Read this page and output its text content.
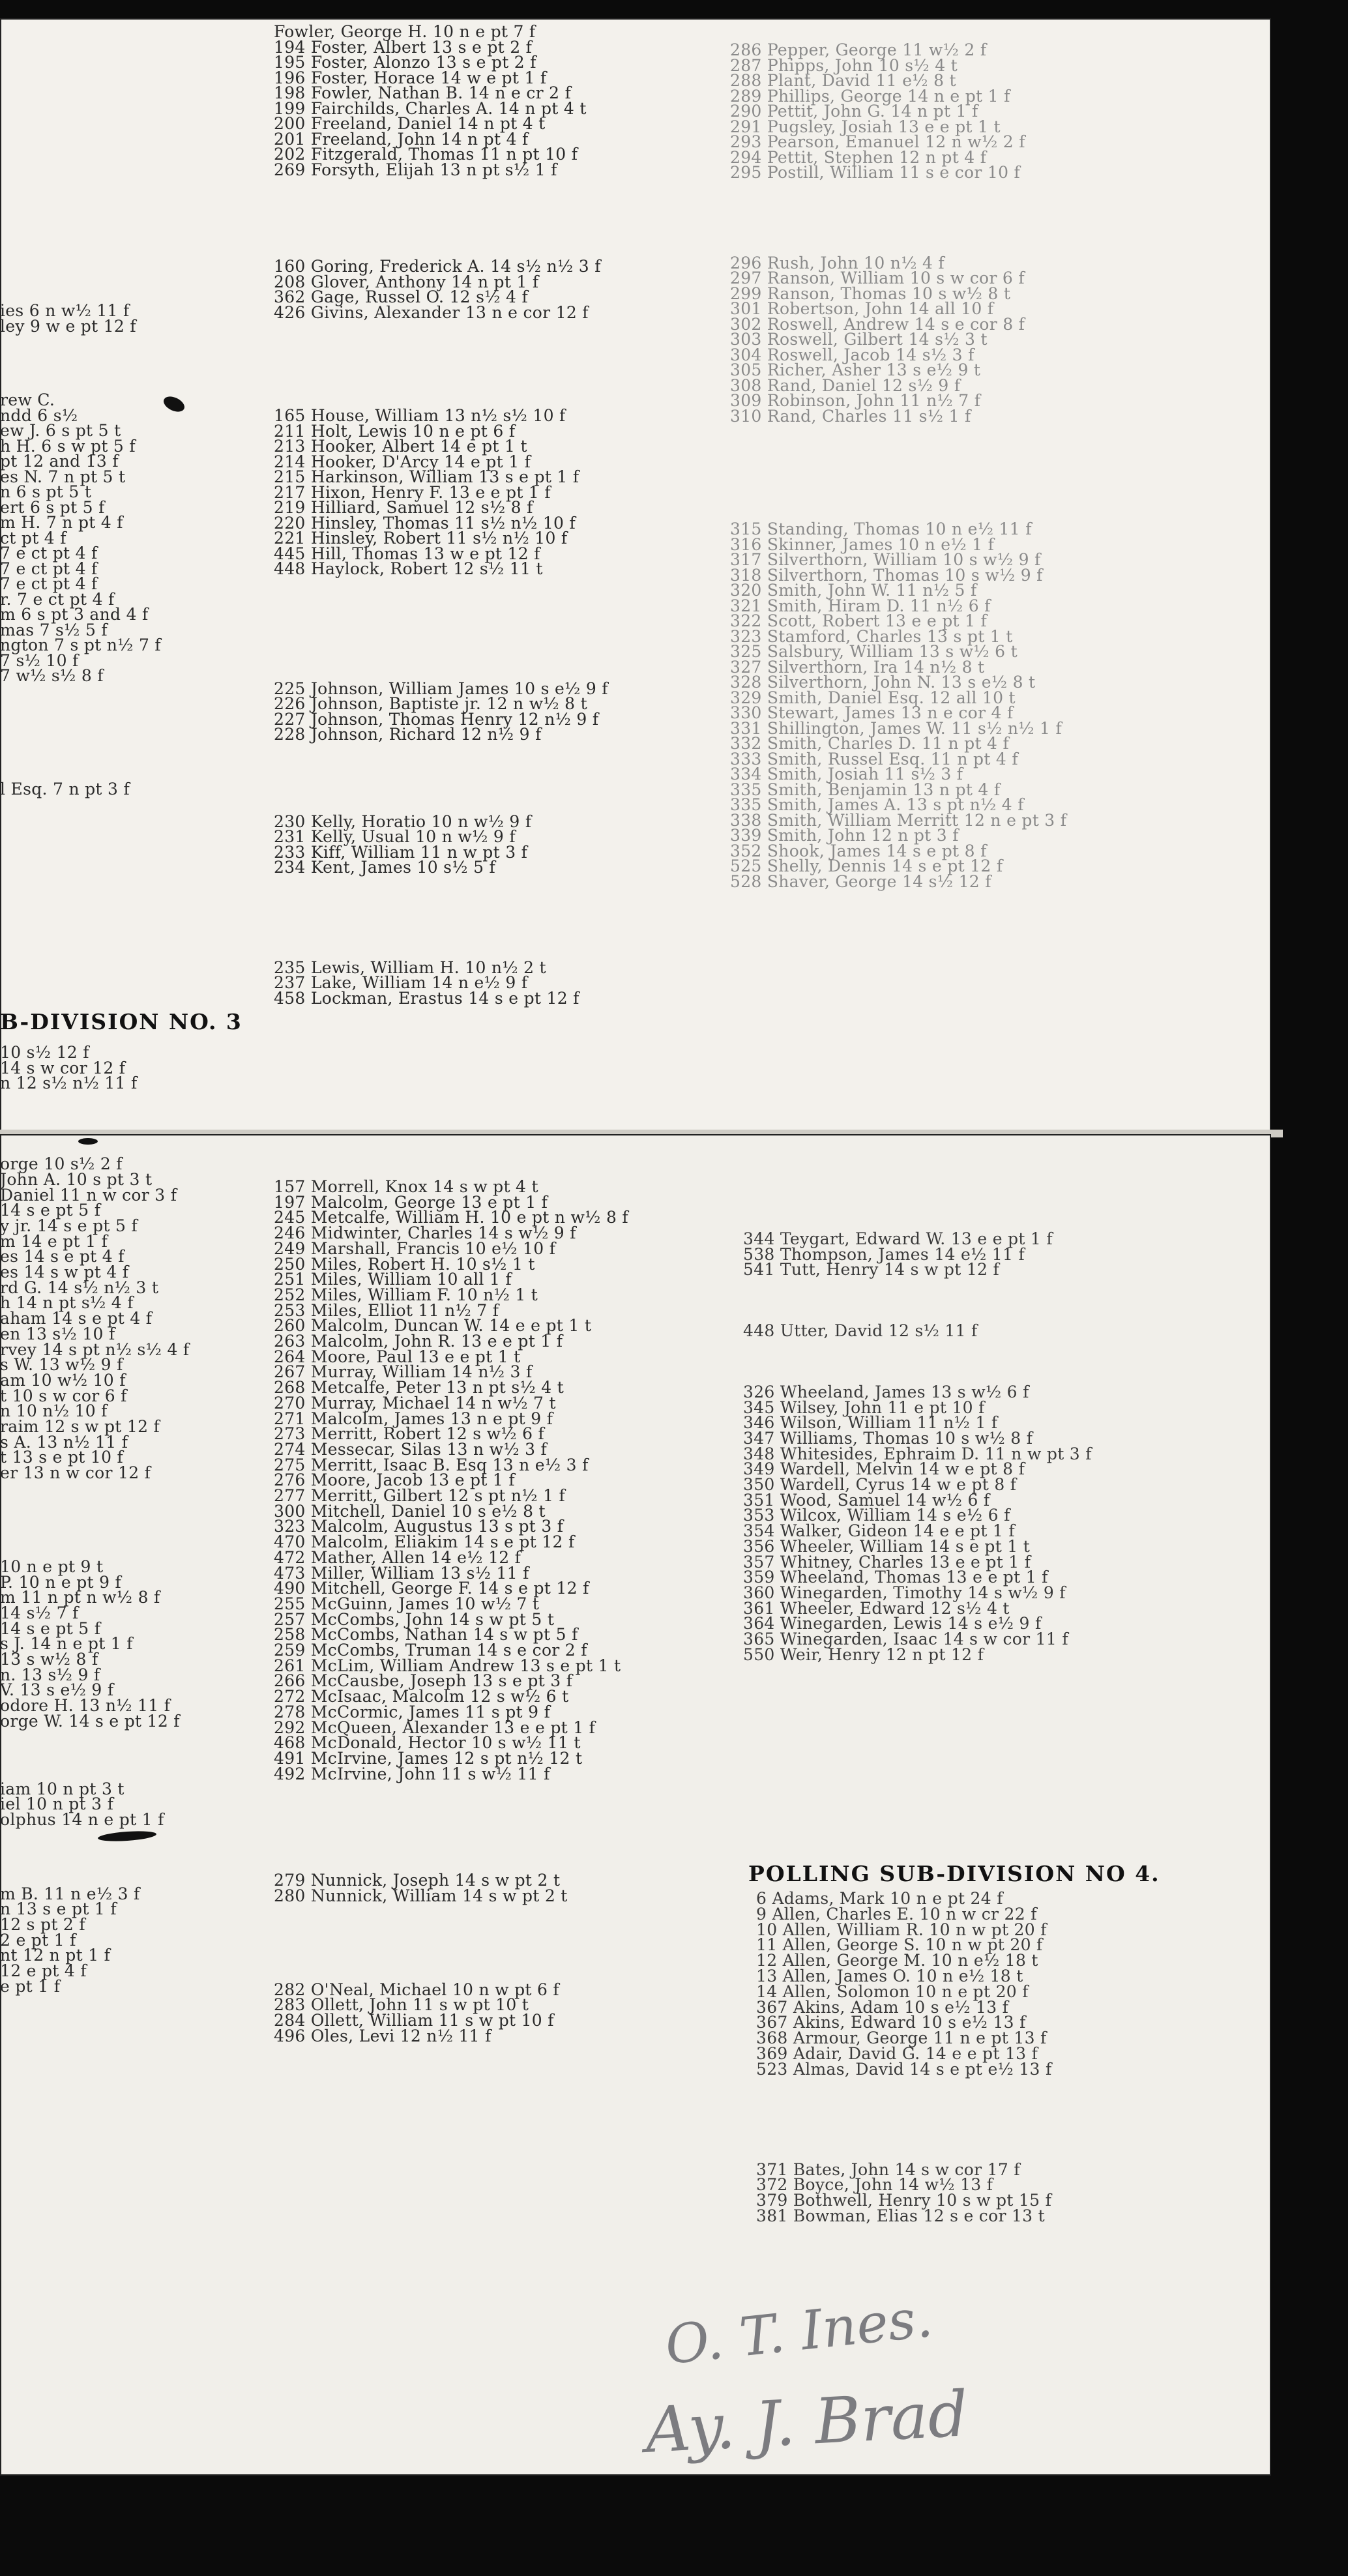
ies 6 n w½ 11 f
ley 9 w e pt 12 f
rew C.
ndd 6 s½
ew J. 6 s pt 5 t
h H. 6 s w pt 5 f
pt 12 and 13 f
es N. 7 n pt 5 t
n 6 s pt 5 t
ert 6 s pt 5 f
m H. 7 n pt 4 f
ct pt 4 f
7 e ct pt 4 f
7 e ct pt 4 f
7 e ct pt 4 f
r. 7 e ct pt 4 f
m 6 s pt 3 and 4 f
mas 7 s½ 5 f
ngton 7 s pt n½ 7 f
7 s½ 10 f
7 w½ s½ 8 f
l Esq. 7 n pt 3 f
B-DIVISION NO. 3
10 s½ 12 f
14 s w cor 12 f
n 12 s½ n½ 11 f
orge 10 s½ 2 f
John A. 10 s pt 3 t
Daniel 11 n w cor 3 f
14 s e pt 5 f
y jr. 14 s e pt 5 f
m 14 e pt 1 f
es 14 s e pt 4 f
es 14 s w pt 4 f
rd G. 14 s½ n½ 3 t
h 14 n pt s½ 4 f
aham 14 s e pt 4 f
en 13 s½ 10 f
rvey 14 s pt n½ s½ 4 f
s W. 13 w½ 9 f
am 10 w½ 10 f
t 10 s w cor 6 f
n 10 n½ 10 f
raim 12 s w pt 12 f
s A. 13 n½ 11 f
t 13 s e pt 10 f
er 13 n w cor 12 f
10 n e pt 9 t
P. 10 n e pt 9 f
m 11 n pt n w½ 8 f
14 s½ 7 f
14 s e pt 5 f
s J. 14 n e pt 1 f
13 s w½ 8 f
n. 13 s½ 9 f
V. 13 s e½ 9 f
odore H. 13 n½ 11 f
orge W. 14 s e pt 12 f
iam 10 n pt 3 t
iel 10 n pt 3 f
olphus 14 n e pt 1 f
m B. 11 n e½ 3 f
n 13 s e pt 1 f
12 s pt 2 f
2 e pt 1 f
nt 12 n pt 1 f
12 e pt 4 f
e pt 1 f
Fowler, George H. 10 n e pt 7 f
194 Foster, Albert 13 s e pt 2 f
195 Foster, Alonzo 13 s e pt 2 f
196 Foster, Horace 14 w e pt 1 f
198 Fowler, Nathan B. 14 n e cr 2 f
199 Fairchilds, Charles A. 14 n pt 4 t
200 Freeland, Daniel 14 n pt 4 t
201 Freeland, John 14 n pt 4 f
202 Fitzgerald, Thomas 11 n pt 10 f
269 Forsyth, Elijah 13 n pt s½ 1 f
160 Goring, Frederick A. 14 s½ n½ 3 f
208 Glover, Anthony 14 n pt 1 f
362 Gage, Russel O. 12 s½ 4 f
426 Givins, Alexander 13 n e cor 12 f
165 House, William 13 n½ s½ 10 f
211 Holt, Lewis 10 n e pt 6 f
213 Hooker, Albert 14 e pt 1 t
214 Hooker, D'Arcy 14 e pt 1 f
215 Harkinson, William 13 s e pt 1 f
217 Hixon, Henry F. 13 e e pt 1 f
219 Hilliard, Samuel 12 s½ 8 f
220 Hinsley, Thomas 11 s½ n½ 10 f
221 Hinsley, Robert 11 s½ n½ 10 f
445 Hill, Thomas 13 w e pt 12 f
448 Haylock, Robert 12 s½ 11 t
225 Johnson, William James 10 s e½ 9 f
226 Johnson, Baptiste jr. 12 n w½ 8 t
227 Johnson, Thomas Henry 12 n½ 9 f
228 Johnson, Richard 12 n½ 9 f
230 Kelly, Horatio 10 n w½ 9 f
231 Kelly, Usual 10 n w½ 9 f
233 Kiff, William 11 n w pt 3 f
234 Kent, James 10 s½ 5 f
235 Lewis, William H. 10 n½ 2 t
237 Lake, William 14 n e½ 9 f
458 Lockman, Erastus 14 s e pt 12 f
157 Morrell, Knox 14 s w pt 4 t
197 Malcolm, George 13 e pt 1 f
245 Metcalfe, William H. 10 e pt n w½ 8 f
246 Midwinter, Charles 14 s w½ 9 f
249 Marshall, Francis 10 e½ 10 f
250 Miles, Robert H. 10 s½ 1 t
251 Miles, William 10 all 1 f
252 Miles, William F. 10 n½ 1 t
253 Miles, Elliot 11 n½ 7 f
260 Malcolm, Duncan W. 14 e e pt 1 t
263 Malcolm, John R. 13 e e pt 1 f
264 Moore, Paul 13 e e pt 1 t
267 Murray, William 14 n½ 3 f
268 Metcalfe, Peter 13 n pt s½ 4 t
270 Murray, Michael 14 n w½ 7 t
271 Malcolm, James 13 n e pt 9 f
273 Merritt, Robert 12 s w½ 6 f
274 Messecar, Silas 13 n w½ 3 f
275 Merritt, Isaac B. Esq 13 n e½ 3 f
276 Moore, Jacob 13 e pt 1 f
277 Merritt, Gilbert 12 s pt n½ 1 f
300 Mitchell, Daniel 10 s e½ 8 t
323 Malcolm, Augustus 13 s pt 3 f
470 Malcolm, Eliakim 14 s e pt 12 f
472 Mather, Allen 14 e½ 12 f
473 Miller, William 13 s½ 11 f
490 Mitchell, George F. 14 s e pt 12 f
255 McGuinn, James 10 w½ 7 t
257 McCombs, John 14 s w pt 5 t
258 McCombs, Nathan 14 s w pt 5 f
259 McCombs, Truman 14 s e cor 2 f
261 McLim, William Andrew 13 s e pt 1 t
266 McCausbe, Joseph 13 s e pt 3 f
272 McIsaac, Malcolm 12 s w½ 6 t
278 McCormic, James 11 s pt 9 f
292 McQueen, Alexander 13 e e pt 1 f
468 McDonald, Hector 10 s w½ 11 t
491 McIrvine, James 12 s pt n½ 12 t
492 McIrvine, John 11 s w½ 11 f
279 Nunnick, Joseph 14 s w pt 2 t
280 Nunnick, William 14 s w pt 2 t
282 O'Neal, Michael 10 n w pt 6 f
283 Ollett, John 11 s w pt 10 t
284 Ollett, William 11 s w pt 10 f
496 Oles, Levi 12 n½ 11 f
286 Pepper, George 11 w½ 2 f
287 Phipps, John 10 s½ 4 t
288 Plant, David 11 e½ 8 t
289 Phillips, George 14 n e pt 1 f
290 Pettit, John G. 14 n pt 1 f
291 Pugsley, Josiah 13 e e pt 1 t
293 Pearson, Emanuel 12 n w½ 2 f
294 Pettit, Stephen 12 n pt 4 f
295 Postill, William 11 s e cor 10 f
296 Rush, John 10 n½ 4 f
297 Ranson, William 10 s w cor 6 f
299 Ranson, Thomas 10 s w½ 8 t
301 Robertson, John 14 all 10 f
302 Roswell, Andrew 14 s e cor 8 f
303 Roswell, Gilbert 14 s½ 3 t
304 Roswell, Jacob 14 s½ 3 f
305 Richer, Asher 13 s e½ 9 t
308 Rand, Daniel 12 s½ 9 f
309 Robinson, John 11 n½ 7 f
310 Rand, Charles 11 s½ 1 f
315 Standing, Thomas 10 n e½ 11 f
316 Skinner, James 10 n e½ 1 f
317 Silverthorn, William 10 s w½ 9 f
318 Silverthorn, Thomas 10 s w½ 9 f
320 Smith, John W. 11 n½ 5 f
321 Smith, Hiram D. 11 n½ 6 f
322 Scott, Robert 13 e e pt 1 f
323 Stamford, Charles 13 s pt 1 t
325 Salsbury, William 13 s w½ 6 t
327 Silverthorn, Ira 14 n½ 8 t
328 Silverthorn, John N. 13 s e½ 8 t
329 Smith, Daniel Esq. 12 all 10 t
330 Stewart, James 13 n e cor 4 f
331 Shillington, James W. 11 s½ n½ 1 f
332 Smith, Charles D. 11 n pt 4 f
333 Smith, Russel Esq. 11 n pt 4 f
334 Smith, Josiah 11 s½ 3 f
335 Smith, Benjamin 13 n pt 4 f
335 Smith, James A. 13 s pt n½ 4 f
338 Smith, William Merritt 12 n e pt 3 f
339 Smith, John 12 n pt 3 f
352 Shook, James 14 s e pt 8 f
525 Shelly, Dennis 14 s e pt 12 f
528 Shaver, George 14 s½ 12 f
344 Teygart, Edward W. 13 e e pt 1 f
538 Thompson, James 14 e½ 11 f
541 Tutt, Henry 14 s w pt 12 f
448 Utter, David 12 s½ 11 f
326 Wheeland, James 13 s w½ 6 f
345 Wilsey, John 11 e pt 10 f
346 Wilson, William 11 n½ 1 f
347 Williams, Thomas 10 s w½ 8 f
348 Whitesides, Ephraim D. 11 n w pt 3 f
349 Wardell, Melvin 14 w e pt 8 f
350 Wardell, Cyrus 14 w e pt 8 f
351 Wood, Samuel 14 w½ 6 f
353 Wilcox, William 14 s e½ 6 f
354 Walker, Gideon 14 e e pt 1 f
356 Wheeler, William 14 s e pt 1 t
357 Whitney, Charles 13 e e pt 1 f
359 Wheeland, Thomas 13 e e pt 1 f
360 Winegarden, Timothy 14 s w½ 9 f
361 Wheeler, Edward 12 s½ 4 t
364 Winegarden, Lewis 14 s e½ 9 f
365 Winegarden, Isaac 14 s w cor 11 f
550 Weir, Henry 12 n pt 12 f
POLLING SUB-DIVISION NO 4.
6 Adams, Mark 10 n e pt 24 f
9 Allen, Charles E. 10 n w cr 22 f
10 Allen, William R. 10 n w pt 20 f
11 Allen, George S. 10 n w pt 20 f
12 Allen, George M. 10 n e½ 18 t
13 Allen, James O. 10 n e½ 18 t
14 Allen, Solomon 10 n e pt 20 f
367 Akins, Adam 10 s e½ 13 f
367 Akins, Edward 10 s e½ 13 f
368 Armour, George 11 n e pt 13 f
369 Adair, David G. 14 e e pt 13 f
523 Almas, David 14 s e pt e½ 13 f
371 Bates, John 14 s w cor 17 f
372 Boyce, John 14 w½ 13 f
379 Bothwell, Henry 10 s w pt 15 f
381 Bowman, Elias 12 s e cor 13 t
O. T. Ines.
Ay. J. Brad
